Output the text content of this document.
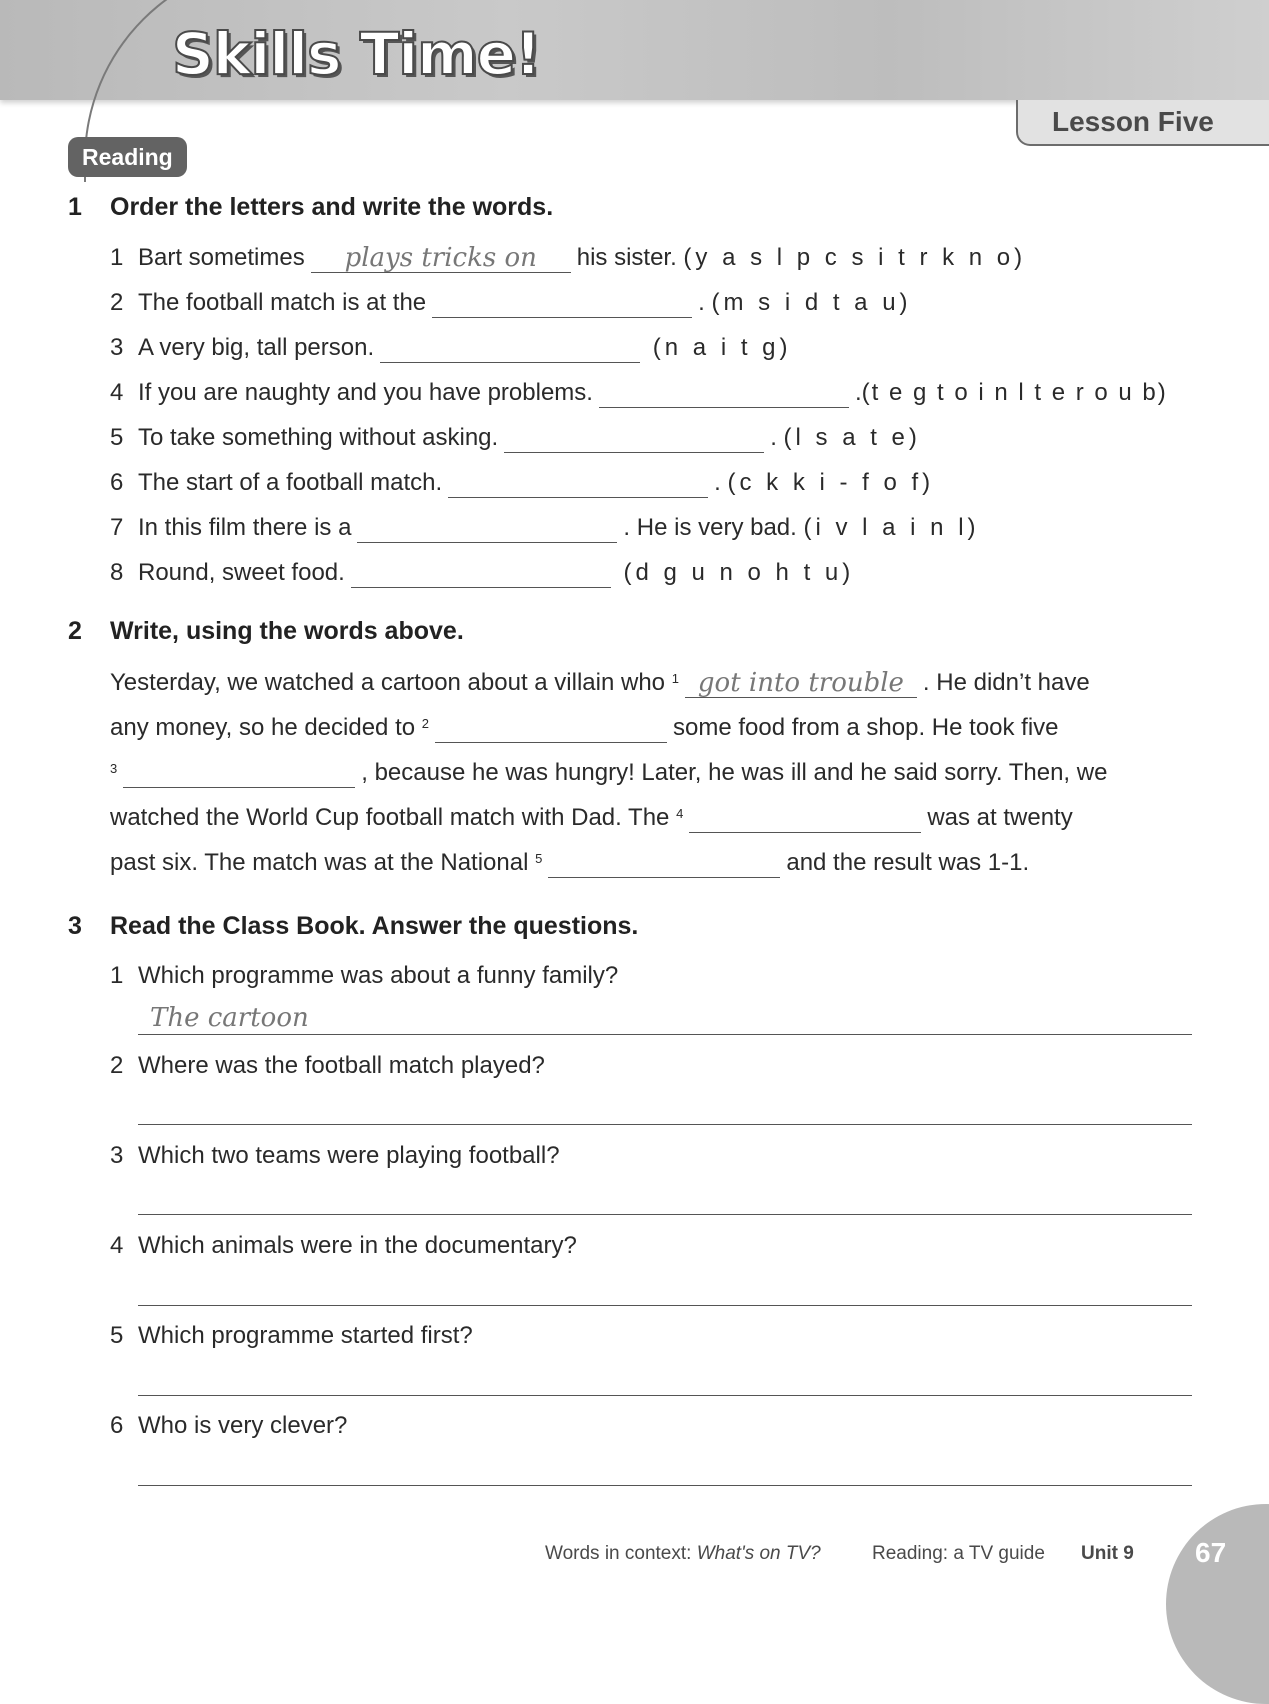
Skills Time!
Lesson Five
Reading
1 Order the letters and write the words.
1 Bart sometimes plays tricks on his sister. (y a s l p c s i t r k n o)
2 The football match is at the	. (m s i d t a u)
3 A very big, tall person.	(n a i t g)
4 If you are naughty and you have problems.	.(t e g t o i n l t e r o u b)
5 To take something without asking.	. (l s a t e)
6 The start of a football match.	. (c k k i - f o f)
7 In this film there is a	. He is very bad. (i v l a i n l)
8 Round, sweet food.	(d g u n o h t u)
2 Write, using the words above.
Yesterday, we watched a cartoon about a villain who $^1$ got into trouble . He didn’t have
any money, so he decided to $^2$	some food from a shop. He took five
$^3$	, because he was hungry! Later, he was ill and he said sorry. Then, we
watched the World Cup football match with Dad. The $^4$	was at twenty
past six. The match was at the National $^5$	and the result was 1-1.
3 Read the Class Book. Answer the questions.
1 Which programme was about a funny family?
The cartoon
2 Where was the football match played?
3 Which two teams were playing football?
4 Which animals were in the documentary?
5 Which programme started first?
6 Who is very clever?
Words in context: What's on TV?	Reading: a TV guide Unit 9 67
